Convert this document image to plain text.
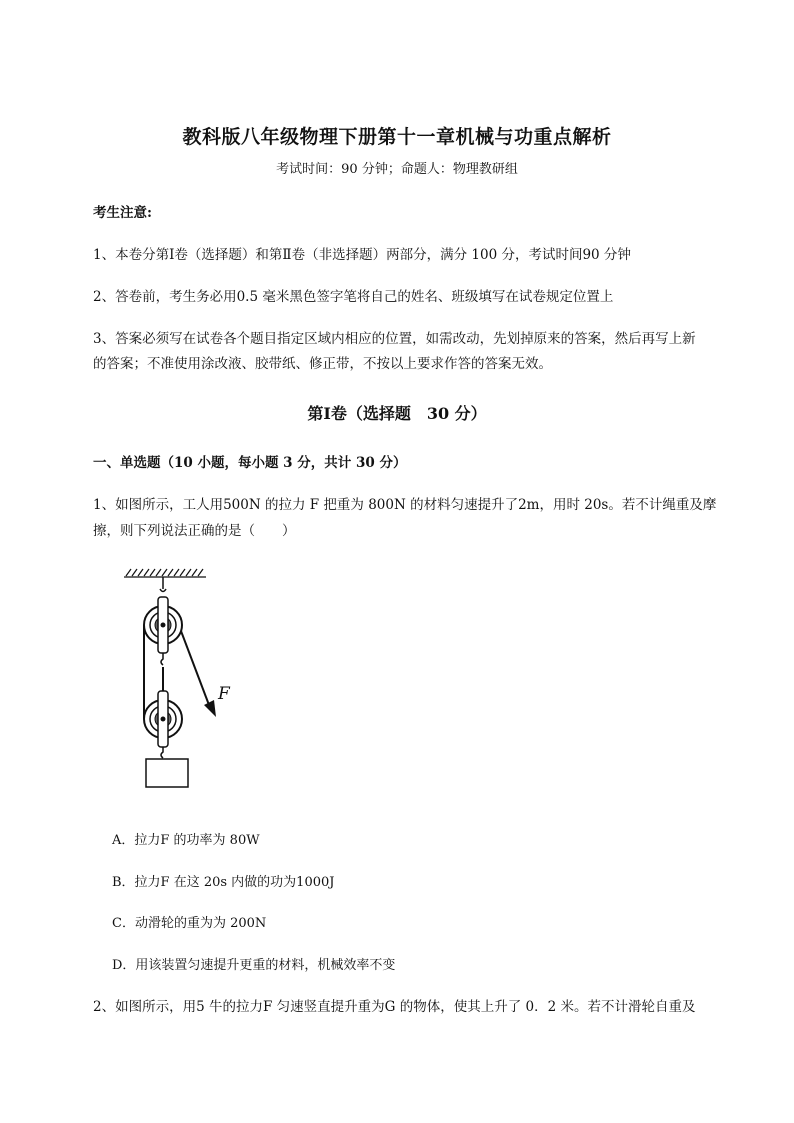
教科版八年级物理下册第十一章机械与功重点解析
考试时间：90 分钟；命题人：物理教研组
考生注意:
1、本卷分第Ⅰ卷（选择题）和第Ⅱ卷（非选择题）两部分，满分 100 分，考试时间90 分钟
2、答卷前，考生务必用0.5 毫米黑色签字笔将自己的姓名、班级填写在试卷规定位置上
3、答案必须写在试卷各个题目指定区域内相应的位置，如需改动，先划掉原来的答案，然后再写上新
的答案；不准使用涂改液、胶带纸、修正带，不按以上要求作答的答案无效。
第Ⅰ卷（选择题　30 分）
一、单选题（10 小题，每小题 3 分，共计 30 分）
1、如图所示，工人用500N 的拉力 F 把重为 800N 的材料匀速提升了2m，用时 20s。若不计绳重及摩
擦，则下列说法正确的是（　　）
F
A．拉力F 的功率为 80W
B．拉力F 在这 20s 内做的功为1000J
C．动滑轮的重为为 200N
D．用该装置匀速提升更重的材料，机械效率不变
2、如图所示，用5 牛的拉力F 匀速竖直提升重为G 的物体，使其上升了 0．2 米。若不计滑轮自重及
